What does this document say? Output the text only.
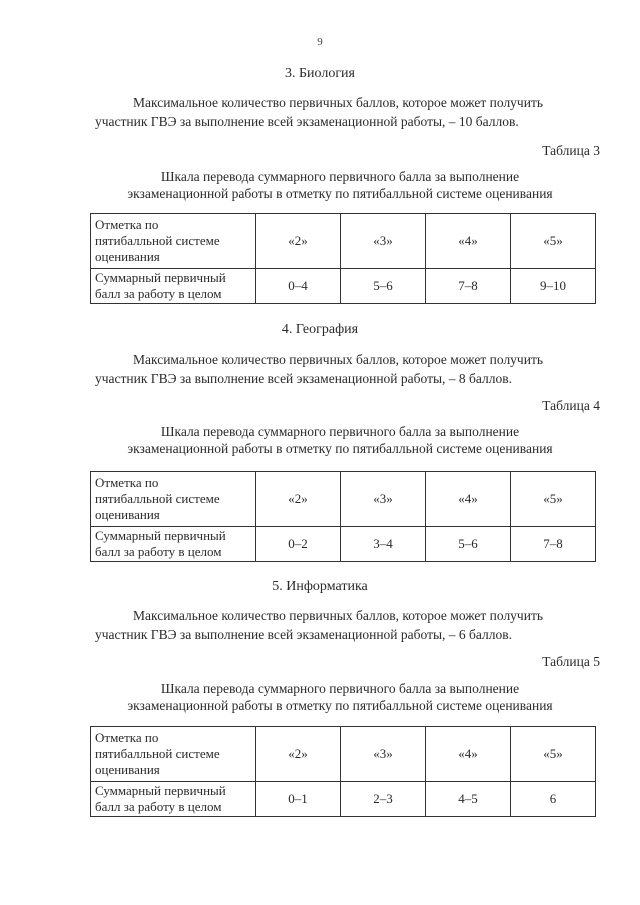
9

3. Биология

Максимальное количество первичных баллов, которое может получить

участник ГВЭ за выполнение всей экзаменационной работы, – 10 баллов.

Таблица 3

Шкала перевода суммарного первичного балла за выполнение

экзаменационной работы в отметку по пятибалльной системе оценивания

Отметка по
пятибалльной системе
оценивания	«2»	«3»	«4»	«5»

Суммарный первичный
балл за работу в целом	0–4	5–6	7–8	9–10

4. География

Максимальное количество первичных баллов, которое может получить

участник ГВЭ за выполнение всей экзаменационной работы, – 8 баллов.

Таблица 4

Шкала перевода суммарного первичного балла за выполнение

экзаменационной работы в отметку по пятибалльной системе оценивания

Отметка по
пятибалльной системе
оценивания	«2»	«3»	«4»	«5»

Суммарный первичный
балл за работу в целом	0–2	3–4	5–6	7–8

5. Информатика

Максимальное количество первичных баллов, которое может получить

участник ГВЭ за выполнение всей экзаменационной работы, – 6 баллов.

Таблица 5

Шкала перевода суммарного первичного балла за выполнение

экзаменационной работы в отметку по пятибалльной системе оценивания

Отметка по
пятибалльной системе
оценивания	«2»	«3»	«4»	«5»

Суммарный первичный
балл за работу в целом	0–1	2–3	4–5	6
